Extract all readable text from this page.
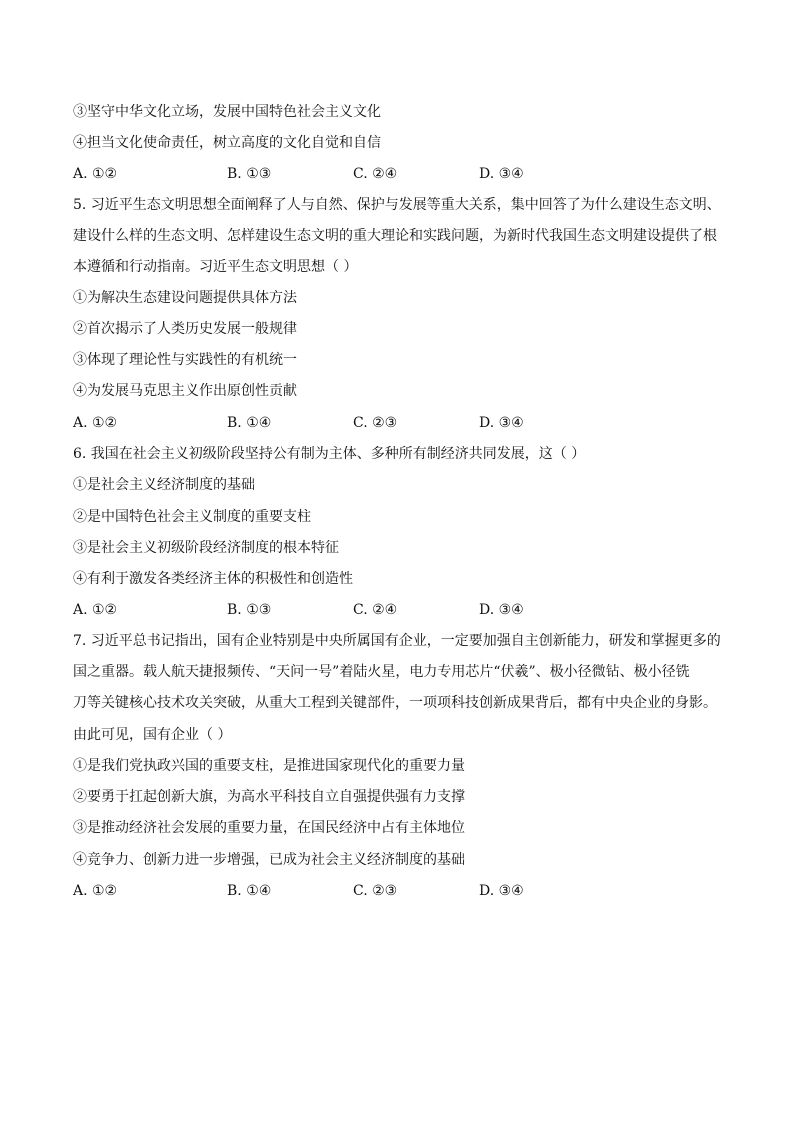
③坚守中华文化立场，发展中国特色社会主义文化
④担当文化使命责任，树立高度的文化自觉和自信
A. ①②	B. ①③	C. ②④	D. ③④
5. 习近平生态文明思想全面阐释了人与自然、保护与发展等重大关系，集中回答了为什么建设生态文明、
建设什么样的生态文明、怎样建设生态文明的重大理论和实践问题，为新时代我国生态文明建设提供了根
本遵循和行动指南。习近平生态文明思想（ ）
①为解决生态建设问题提供具体方法
②首次揭示了人类历史发展一般规律
③体现了理论性与实践性的有机统一
④为发展马克思主义作出原创性贡献
A. ①②	B. ①④	C. ②③	D. ③④
6. 我国在社会主义初级阶段坚持公有制为主体、多种所有制经济共同发展，这（ ）
①是社会主义经济制度的基础
②是中国特色社会主义制度的重要支柱
③是社会主义初级阶段经济制度的根本特征
④有利于激发各类经济主体的积极性和创造性
A. ①②	B. ①③	C. ②④	D. ③④
7. 习近平总书记指出，国有企业特别是中央所属国有企业，一定要加强自主创新能力，研发和掌握更多的
国之重器。载人航天捷报频传、“天问一号”着陆火星，电力专用芯片“伏羲”、极小径微钻、极小径铣
刀等关键核心技术攻关突破，从重大工程到关键部件，一项项科技创新成果背后，都有中央企业的身影。
由此可见，国有企业（ ）
①是我们党执政兴国的重要支柱，是推进国家现代化的重要力量
②要勇于扛起创新大旗，为高水平科技自立自强提供强有力支撑
③是推动经济社会发展的重要力量，在国民经济中占有主体地位
④竞争力、创新力进一步增强，已成为社会主义经济制度的基础
A. ①②	B. ①④	C. ②③	D. ③④
